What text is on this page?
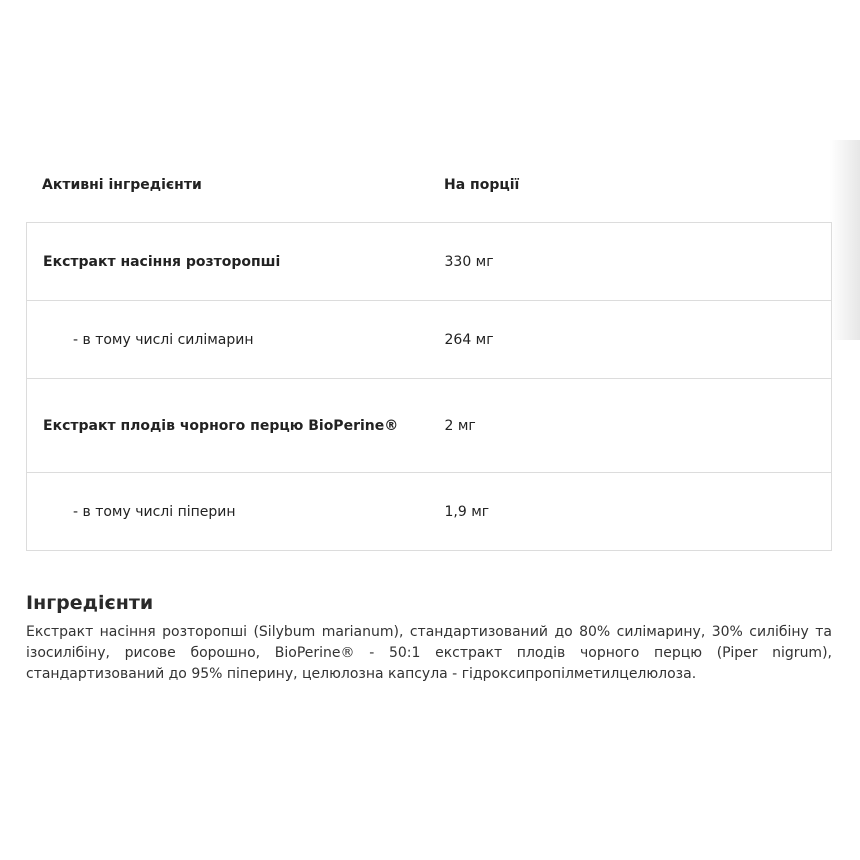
Активні інгредієнти	На порції
Екстракт насіння розторопші	330 мг
- в тому числі силімарин	264 мг
Екстракт плодів чорного перцю BioPerine®	2 мг
- в тому числі піперин	1,9 мг
Інгредієнти
Екстракт насіння розторопші (Silybum marianum), стандартизований до 80% силімарину, 30% силібіну та ізосилібіну, рисове борошно, BioPerine® - 50:1 екстракт плодів чорного перцю (Piper nigrum), стандартизований до 95% піперину, целюлозна капсула - гідроксипропілметилцелюлоза.
